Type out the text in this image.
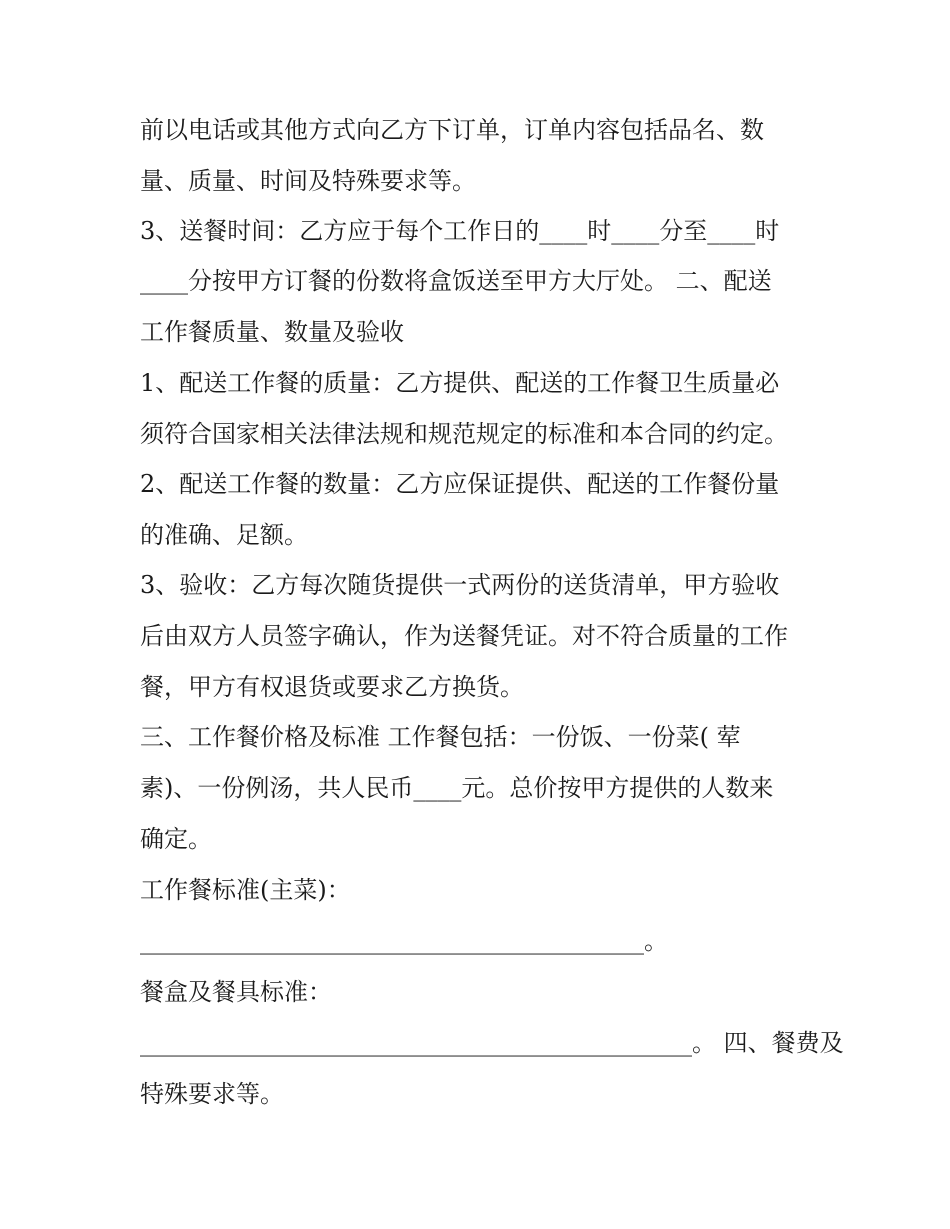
前以电话或其他方式向乙方下订单，订单内容包括品名、数
量、质量、时间及特殊要求等。
3、送餐时间：乙方应于每个工作日的____时____分至____时
____分按甲方订餐的份数将盒饭送至甲方大厅处。 二、配送
工作餐质量、数量及验收
1、配送工作餐的质量：乙方提供、配送的工作餐卫生质量必
须符合国家相关法律法规和规范规定的标准和本合同的约定。
2、配送工作餐的数量：乙方应保证提供、配送的工作餐份量
的准确、足额。
3、验收：乙方每次随货提供一式两份的送货清单，甲方验收
后由双方人员签字确认，作为送餐凭证。对不符合质量的工作
餐，甲方有权退货或要求乙方换货。
三、工作餐价格及标准 工作餐包括：一份饭、一份菜( 荤
素)、一份例汤，共人民币____元。总价按甲方提供的人数来
确定。
工作餐标准(主菜)：
__________________________________________。
餐盒及餐具标准：
______________________________________________。 四、餐费及
特殊要求等。
